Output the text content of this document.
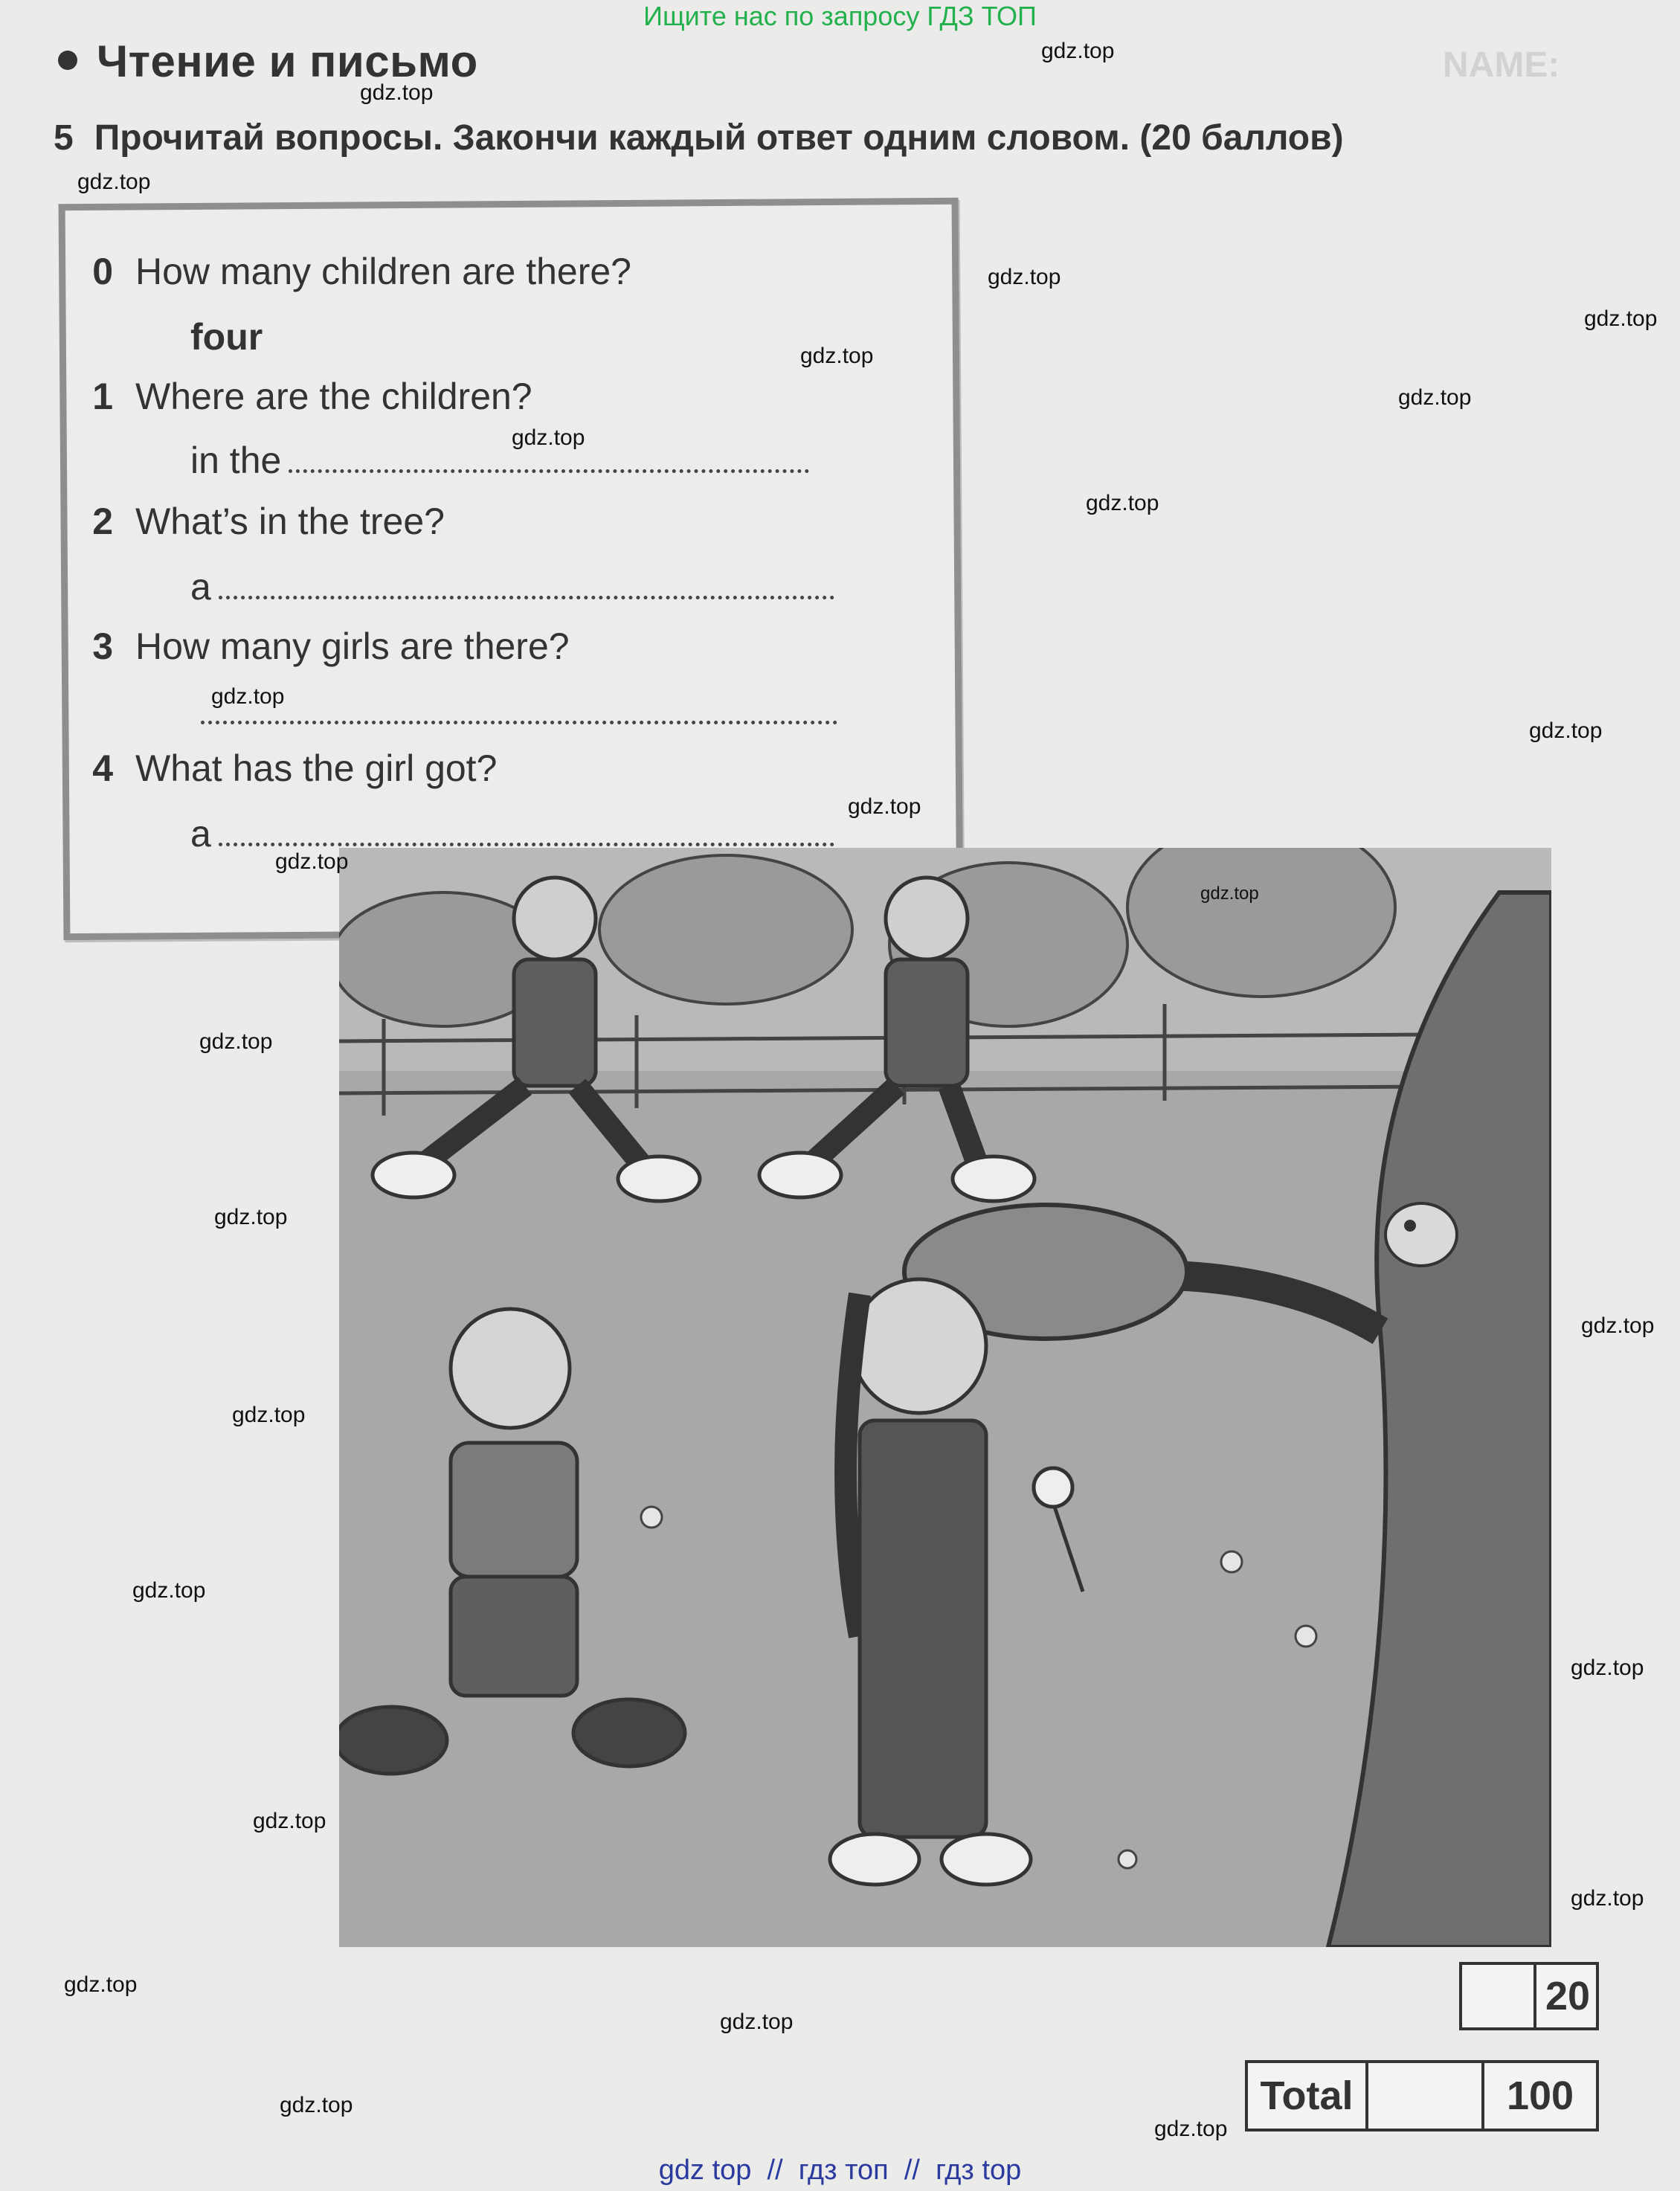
Ищите нас по запросу ГДЗ ТОП
NAME:
Чтение и письмо
5 Прочитай вопросы. Закончи каждый ответ одним словом. (20 баллов)
0 How many children are there?
four
1 Where are the children?
in the
2 What’s in the tree?
a
3 How many girls are there?
4 What has the girl got?
a
20
Total	100
gdz.top
gdz.top
gdz.top
gdz.top
gdz.top
gdz.top
gdz.top
gdz.top
gdz.top
gdz.top
gdz.top
gdz.top
gdz.top
gdz.top
gdz.top
gdz.top
gdz.top
gdz.top
gdz.top
gdz.top
gdz.top
gdz.top
gdz.top
gdz.top
gdz.top
gdz.top
gdz top  //  гдз топ  //  гдз top
